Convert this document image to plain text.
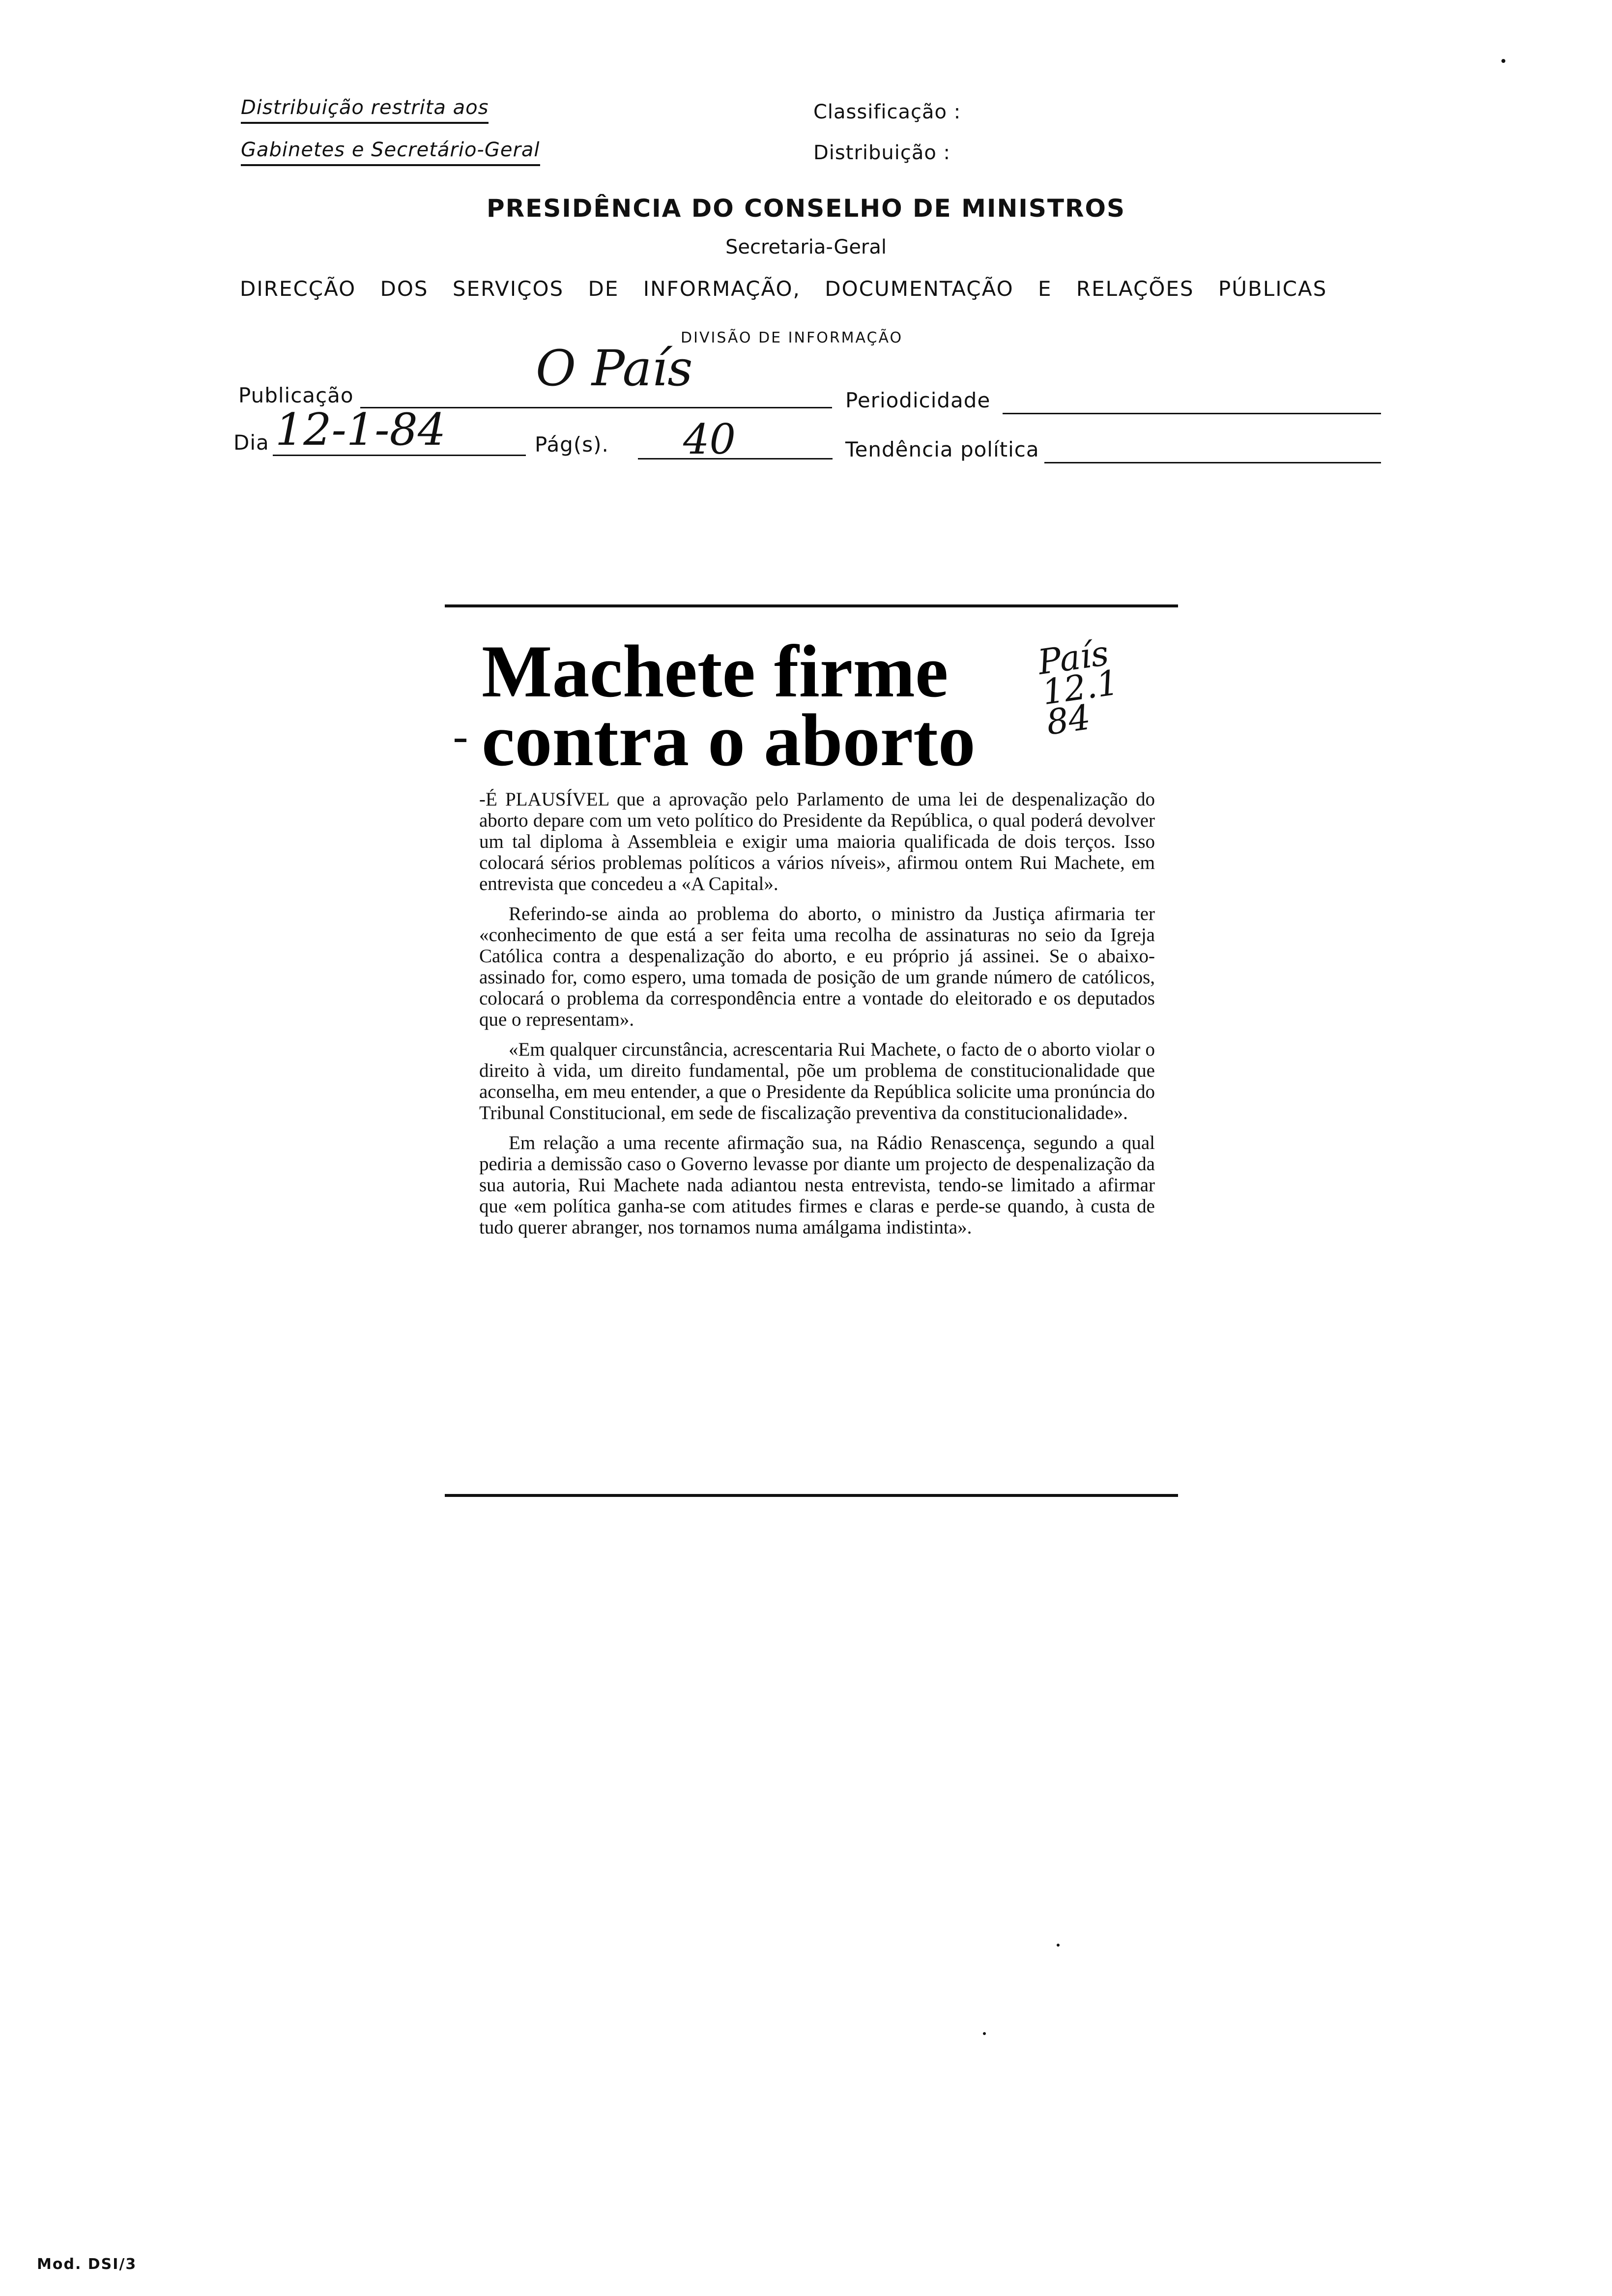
Distribuição restrita aos
Gabinetes e Secretário-Geral
Classificação :
Distribuição :
PRESIDÊNCIA DO CONSELHO DE MINISTROS
Secretaria-Geral
DIRECÇÃO DOS SERVIÇOS DE INFORMAÇÃO, DOCUMENTAÇÃO E RELAÇÕES PÚBLICAS
DIVISÃO DE INFORMAÇÃO
Publicação	O País
Periodicidade
Dia 12-1-84	Pág(s). 40	Tendência política
Machete firme
contra o aborto
País 12.1 84

-É PLAUSÍVEL que a aprovação pelo Parlamento de uma lei de despenalização do aborto depare com um veto político do Presidente da República, o qual poderá devolver um tal diploma à Assembleia e exigir uma maioria qualificada de dois terços. Isso colocará sérios problemas políticos a vários níveis», afirmou ontem Rui Machete, em entrevista que concedeu a «A Capital».

Referindo-se ainda ao problema do aborto, o ministro da Justiça afirmaria ter «conhecimento de que está a ser feita uma recolha de assinaturas no seio da Igreja Católica contra a despenalização do aborto, e eu próprio já assinei. Se o abaixo-assinado for, como espero, uma tomada de posição de um grande número de católicos, colocará o problema da correspondência entre a vontade do eleitorado e os deputados que o representam».

«Em qualquer circunstância, acrescentaria Rui Machete, o facto de o aborto violar o direito à vida, um direito fundamental, põe um problema de constitucionalidade que aconselha, em meu entender, a que o Presidente da República solicite uma pronúncia do Tribunal Constitucional, em sede de fiscalização preventiva da constitucionalidade».

Em relação a uma recente afirmação sua, na Rádio Renascença, segundo a qual pediria a demissão caso o Governo levasse por diante um projecto de despenalização da sua autoria, Rui Machete nada adiantou nesta entrevista, tendo-se limitado a afirmar que «em política ganha-se com atitudes firmes e claras e perde-se quando, à custa de tudo querer abranger, nos tornamos numa amálgama indistinta».

Mod. DSI/3
